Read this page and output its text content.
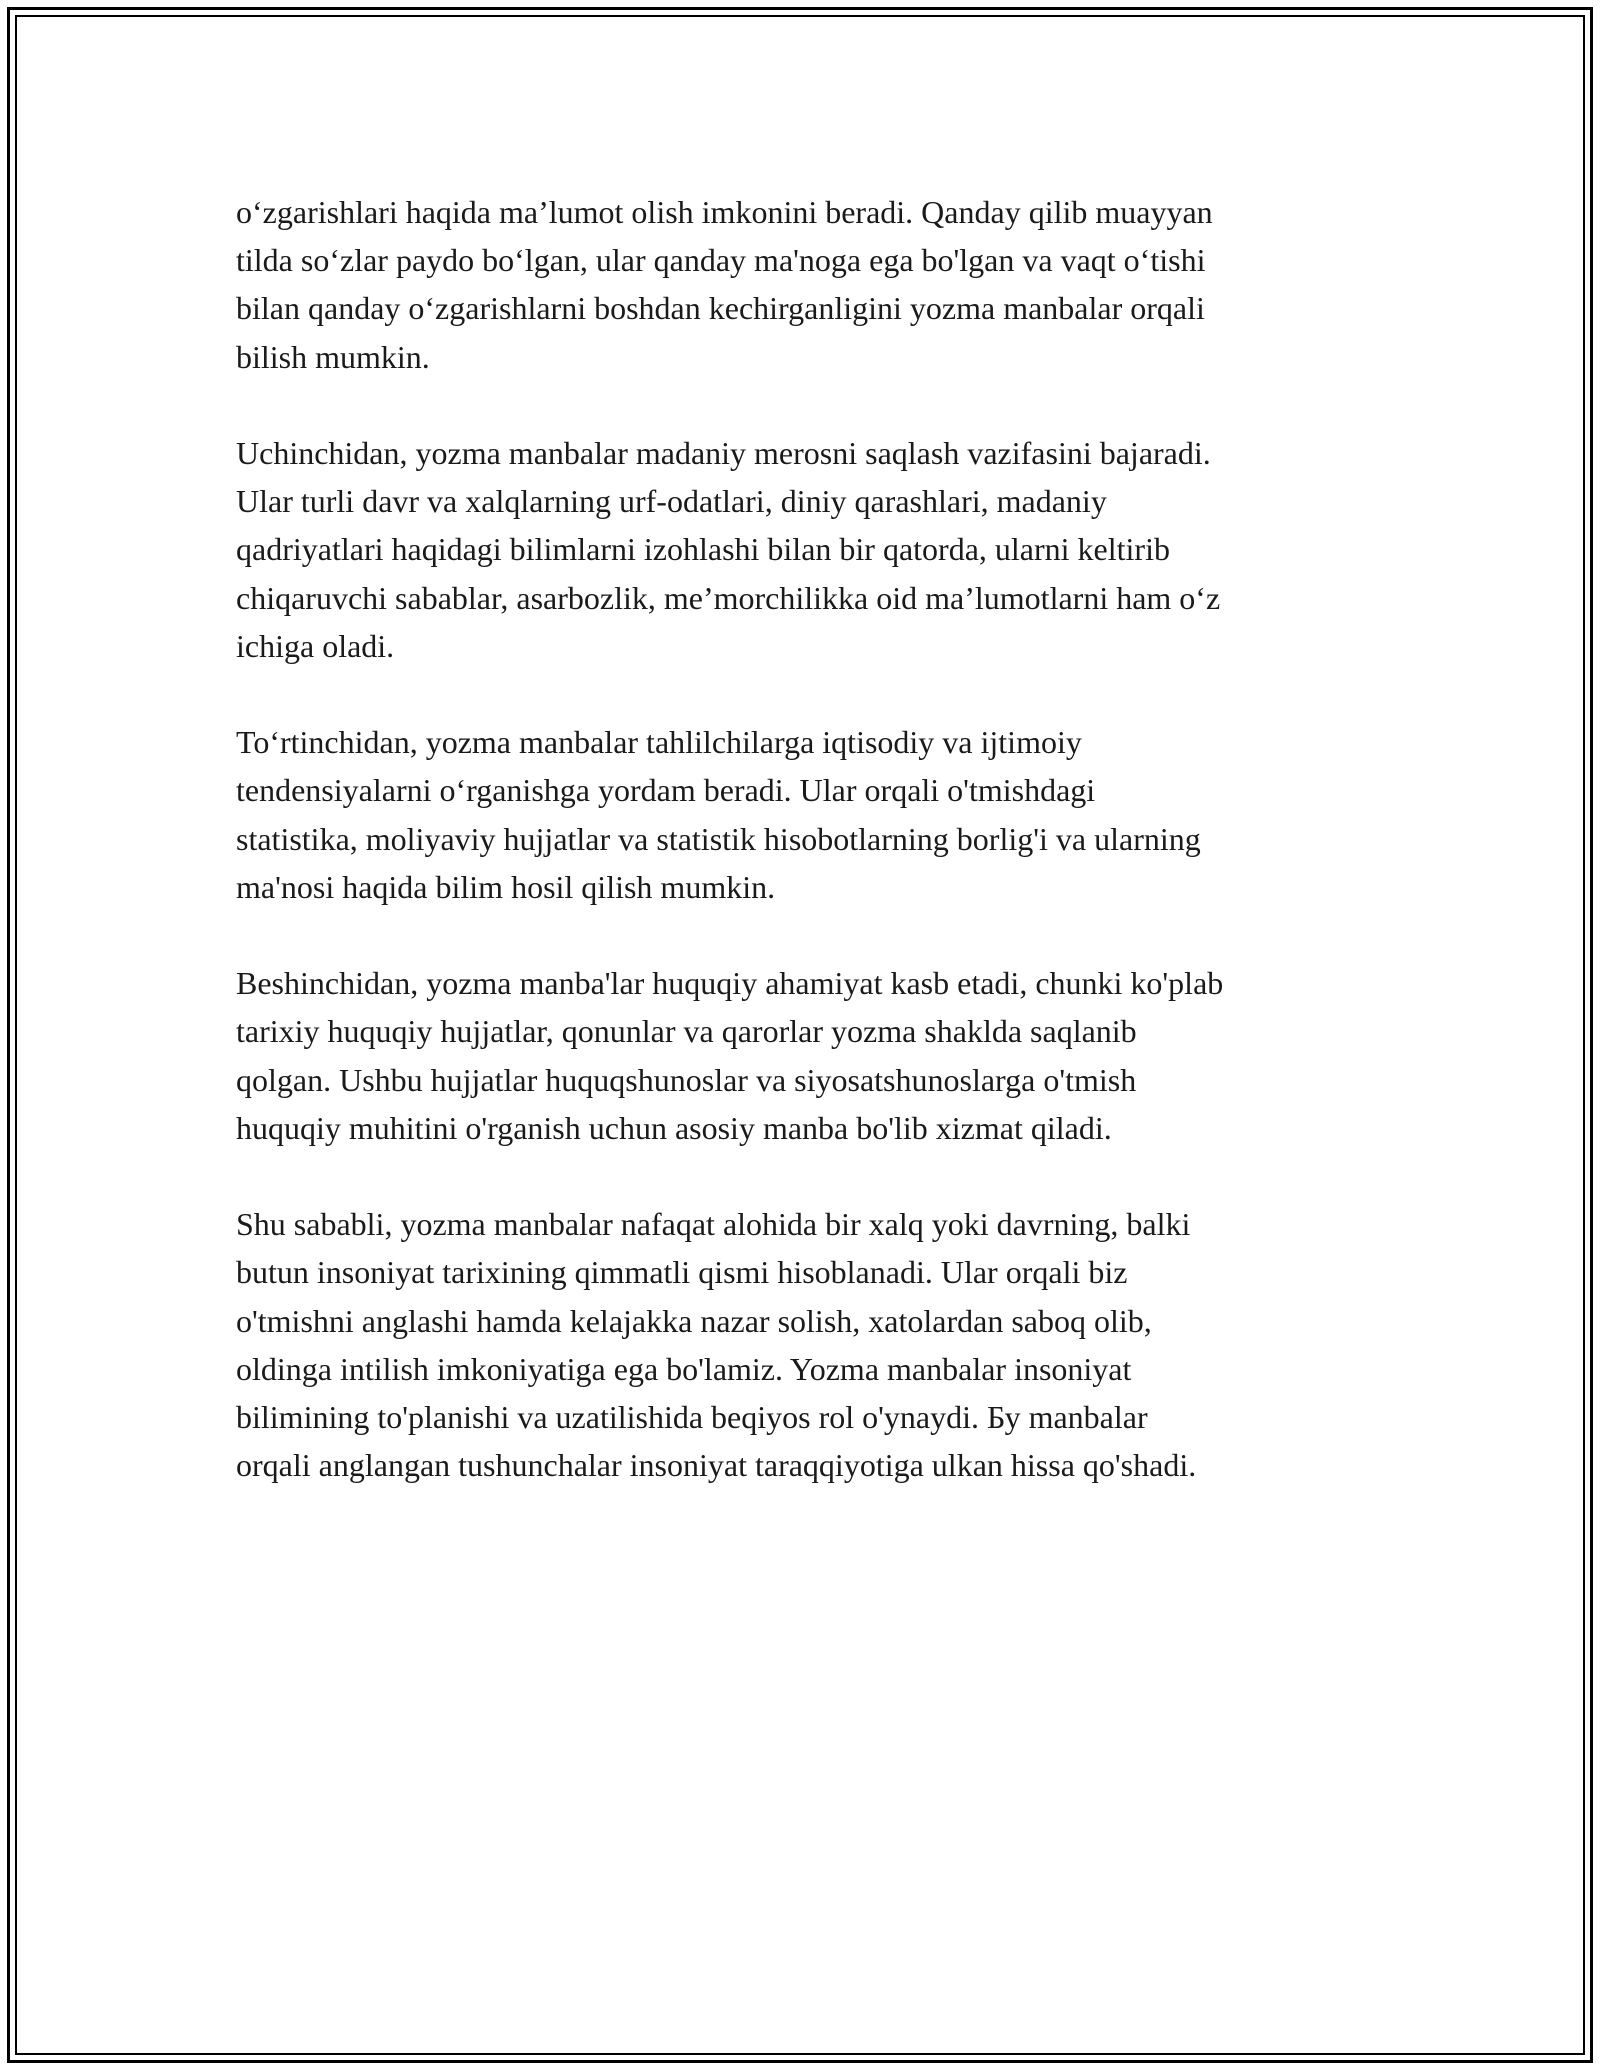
o‘zgarishlari haqida ma’lumot olish imkonini beradi. Qanday qilib muayyan
tilda so‘zlar paydo bo‘lgan, ular qanday ma'noga ega bo'lgan va vaqt o‘tishi
bilan qanday o‘zgarishlarni boshdan kechirganligini yozma manbalar orqali
bilish mumkin.

Uchinchidan, yozma manbalar madaniy merosni saqlash vazifasini bajaradi.
Ular turli davr va xalqlarning urf-odatlari, diniy qarashlari, madaniy
qadriyatlari haqidagi bilimlarni izohlashi bilan bir qatorda, ularni keltirib
chiqaruvchi sabablar, asarbozlik, me’morchilikka oid ma’lumotlarni ham o‘z
ichiga oladi.

To‘rtinchidan, yozma manbalar tahlilchilarga iqtisodiy va ijtimoiy
tendensiyalarni o‘rganishga yordam beradi. Ular orqali o'tmishdagi
statistika, moliyaviy hujjatlar va statistik hisobotlarning borlig'i va ularning
ma'nosi haqida bilim hosil qilish mumkin.

Beshinchidan, yozma manba'lar huquqiy ahamiyat kasb etadi, chunki ko'plab
tarixiy huquqiy hujjatlar, qonunlar va qarorlar yozma shaklda saqlanib
qolgan. Ushbu hujjatlar huquqshunoslar va siyosatshunoslarga o'tmish
huquqiy muhitini o'rganish uchun asosiy manba bo'lib xizmat qiladi.

Shu sababli, yozma manbalar nafaqat alohida bir xalq yoki davrning, balki
butun insoniyat tarixining qimmatli qismi hisoblanadi. Ular orqali biz
o'tmishni anglashi hamda kelajakka nazar solish, xatolardan saboq olib,
oldinga intilish imkoniyatiga ega bo'lamiz. Yozma manbalar insoniyat
bilimining to'planishi va uzatilishida beqiyos rol o'ynaydi. Бу manbalar
orqali anglangan tushunchalar insoniyat taraqqiyotiga ulkan hissa qo'shadi.
